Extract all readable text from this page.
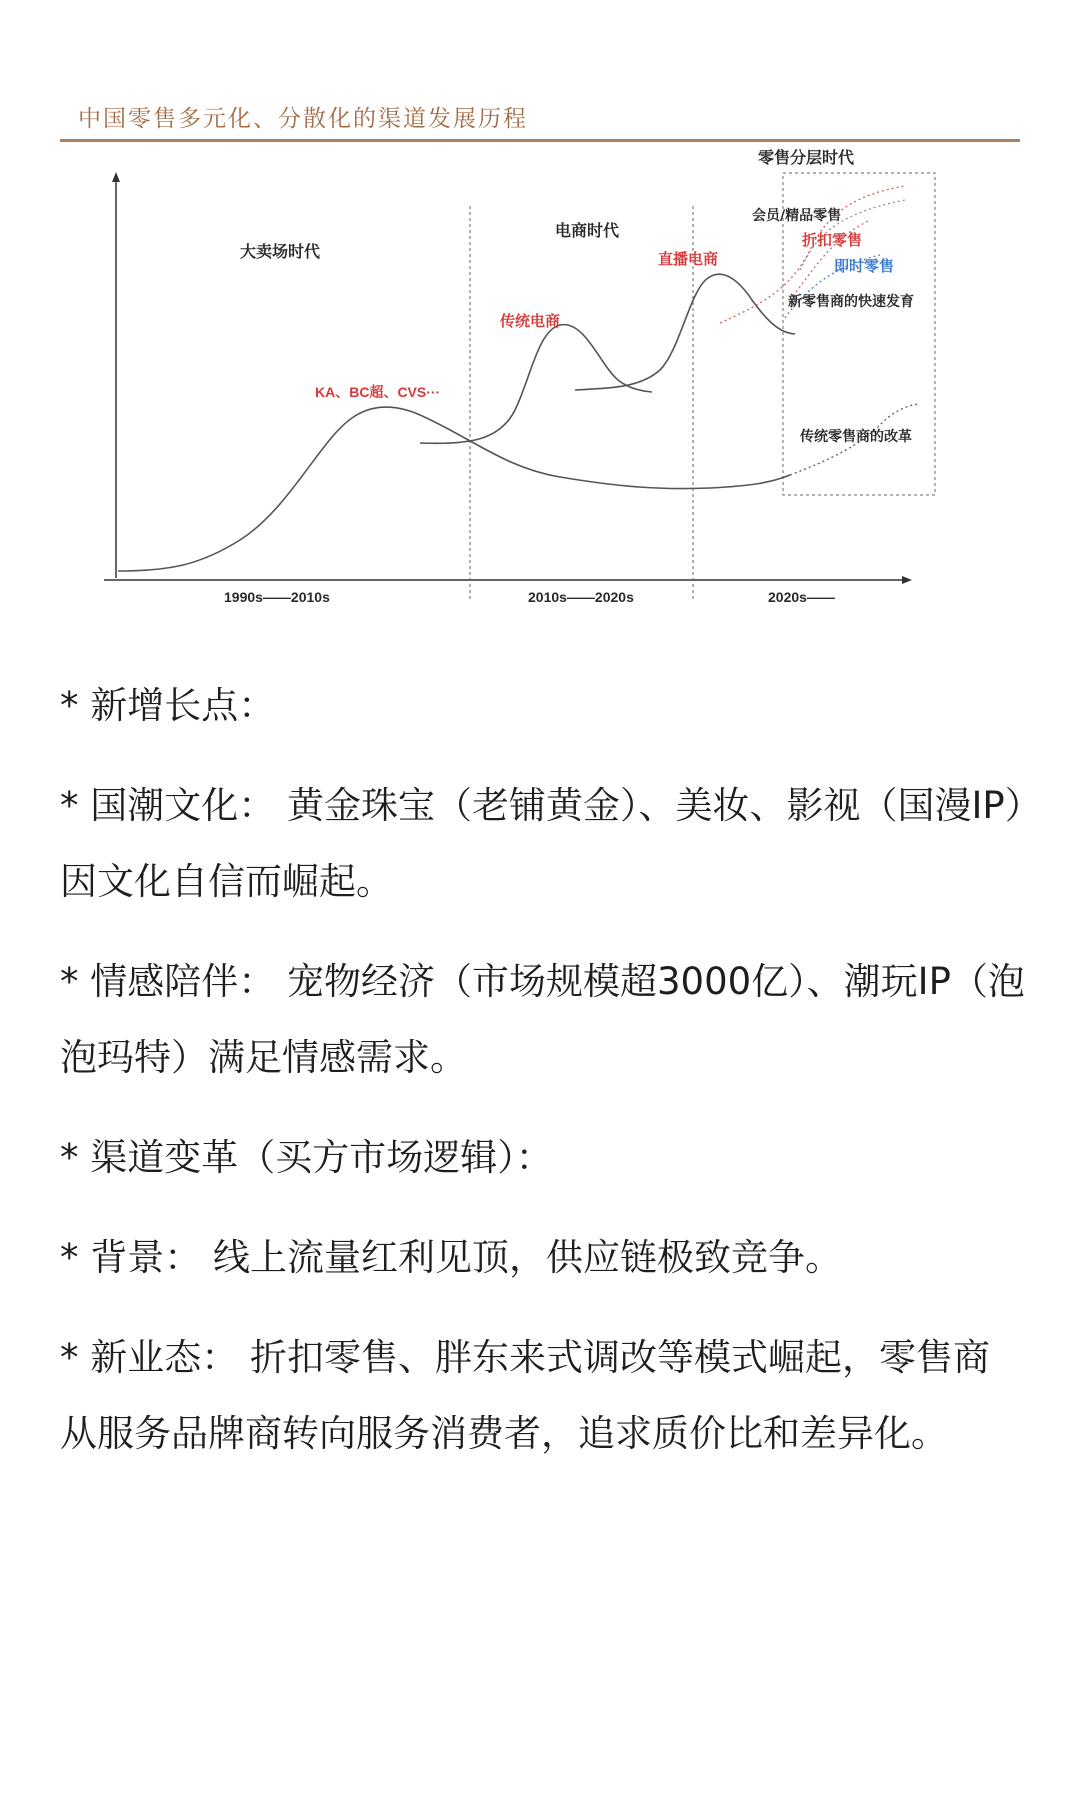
中国零售多元化、分散化的渠道发展历程
大卖场时代
电商时代
零售分层时代
KA、BC超、CVS···
传统电商
直播电商
会员/精品零售
折扣零售
即时零售
新零售商的快速发育
传统零售商的改革
1990s——2010s	2010s——2020s	2020s——

* 新增长点：

* 国潮文化： 黄金珠宝（老铺黄金）、美妆、影视（国漫IP）因文化自信而崛起。

* 情感陪伴： 宠物经济（市场规模超3000亿）、潮玩IP（泡泡玛特）满足情感需求。

* 渠道变革（买方市场逻辑）：

* 背景： 线上流量红利见顶，供应链极致竞争。

* 新业态： 折扣零售、胖东来式调改等模式崛起，零售商从服务品牌商转向服务消费者，追求质价比和差异化。
